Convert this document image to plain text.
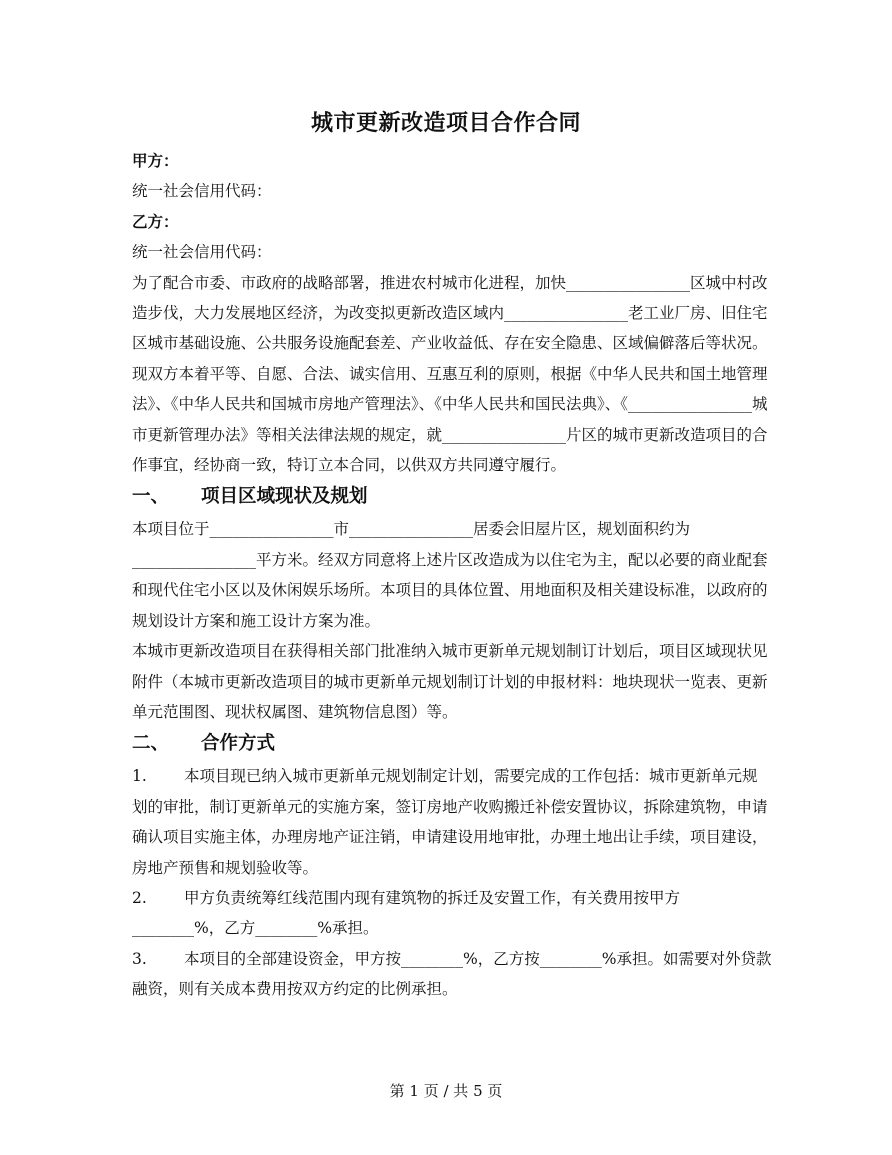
城市更新改造项目合作合同

甲方：

统一社会信用代码：

乙方：

统一社会信用代码：

为了配合市委、市政府的战略部署，推进农村城市化进程，加快________________区城中村改造步伐，大力发展地区经济，为改变拟更新改造区域内________________老工业厂房、旧住宅区城市基础设施、公共服务设施配套差、产业收益低、存在安全隐患、区域偏僻落后等状况。

现双方本着平等、自愿、合法、诚实信用、互惠互利的原则，根据《中华人民共和国土地管理法》、《中华人民共和国城市房地产管理法》、《中华人民共和国民法典》、《________________城市更新管理办法》等相关法律法规的规定，就________________片区的城市更新改造项目的合作事宜，经协商一致，特订立本合同，以供双方共同遵守履行。

一、 项目区域现状及规划

本项目位于________________市________________居委会旧屋片区，规划面积约为________________平方米。经双方同意将上述片区改造成为以住宅为主，配以必要的商业配套和现代住宅小区以及休闲娱乐场所。本项目的具体位置、用地面积及相关建设标准，以政府的规划设计方案和施工设计方案为准。

本城市更新改造项目在获得相关部门批准纳入城市更新单元规划制订计划后，项目区域现状见附件（本城市更新改造项目的城市更新单元规划制订计划的申报材料：地块现状一览表、更新单元范围图、现状权属图、建筑物信息图）等。

二、 合作方式

1. 本项目现已纳入城市更新单元规划制定计划，需要完成的工作包括：城市更新单元规划的审批，制订更新单元的实施方案，签订房地产收购搬迁补偿安置协议，拆除建筑物，申请确认项目实施主体，办理房地产证注销，申请建设用地审批，办理土地出让手续，项目建设，房地产预售和规划验收等。

2. 甲方负责统筹红线范围内现有建筑物的拆迁及安置工作，有关费用按甲方________%，乙方________%承担。

3. 本项目的全部建设资金，甲方按________%，乙方按________%承担。如需要对外贷款融资，则有关成本费用按双方约定的比例承担。

第 1 页 / 共 5 页
